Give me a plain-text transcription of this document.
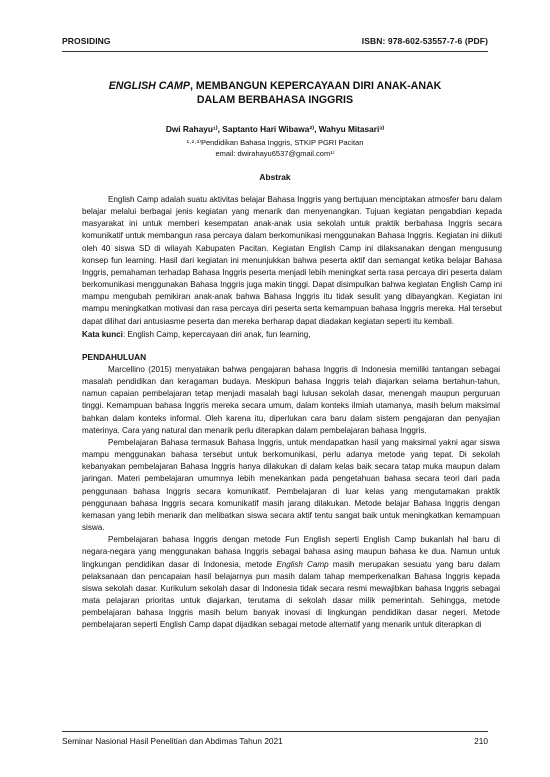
PROSIDING	ISBN: 978-602-53557-7-6 (PDF)
ENGLISH CAMP, MEMBANGUN KEPERCAYAAN DIRI ANAK-ANAK
DALAM BERBAHASA INGGRIS
Dwi Rahayu¹⁾, Saptanto Hari Wibawa²⁾, Wahyu Mitasari³⁾
¹·²·³⁾Pendidikan Bahasa Inggris, STKIP PGRI Pacitan
email: dwirahayu6537@gmail.com¹⁾
Abstrak
English Camp adalah suatu aktivitas belajar Bahasa Inggris yang bertujuan menciptakan atmosfer baru dalam belajar melalui berbagai jenis kegiatan yang menarik dan menyenangkan. Tujuan kegiatan pengabdian kepada masyarakat ini untuk memberi kesempatan anak-anak usia sekolah untuk praktik berbahasa Inggris secara komunikatif untuk membangun rasa percaya dalam berkomunikasi menggunakan Bahasa Inggris. Kegiatan ini diikuti oleh 40 siswa SD di wilayah Kabupaten Pacitan. Kegiatan English Camp ini dilaksanakan dengan mengusung konsep fun learning. Hasil dari kegiatan ini menunjukkan bahwa peserta aktif dan semangat ketika belajar Bahasa Inggris, pemahaman terhadap Bahasa Inggris peserta menjadi lebih meningkat serta rasa percaya diri peserta dalam berkomunikasi menggunakan Bahasa Inggris juga makin tinggi. Dapat disimpulkan bahwa kegiatan English Camp ini mampu mengubah pemikiran anak-anak bahwa Bahasa Inggris itu tidak sesulit yang dibayangkan. Kegiatan ini mampu meningkatkan motivasi dan rasa percaya diri peserta serta kemampuan bahasa Inggris mereka. Hal tersebut dapat dilihat dari antusiasme peserta dan mereka berharap dapat diadakan kegiatan seperti itu kembali.
Kata kunci: English Camp, kepercayaan diri anak, fun learning,
PENDAHULUAN

Marcellino (2015) menyatakan bahwa pengajaran bahasa Inggris di Indonesia memiliki tantangan sebagai masalah pendidikan dan keragaman budaya. Meskipun bahasa Inggris telah diajarkan selama bertahun-tahun, namun capaian pembelajaran tetap menjadi masalah bagi lulusan sekolah dasar, menengah maupun perguruan tinggi. Kemampuan bahasa Inggris mereka secara umum, dalam konteks ilmiah utamanya, masih belum maksimal bahkan dalam konteks informal. Oleh karena itu, diperlukan cara baru dalam sistem pengajaran dan penyajian materinya. Cara yang natural dan menarik perlu diterapkan dalam pembelajaran bahasa Inggris.

Pembelajaran Bahasa termasuk Bahasa Inggris, untuk mendapatkan hasil yang maksimal yakni agar siswa mampu menggunakan bahasa tersebut untuk berkomunikasi, perlu adanya metode yang tepat. Di sekolah kebanyakan pembelajaran Bahasa Inggris hanya dilakukan di dalam kelas baik secara tatap muka maupun dalam jaringan. Materi pembelajaran umumnya lebih menekankan pada pengetahuan bahasa secara teori dari pada penggunaan bahasa Inggris secara komunikatif. Pembelajaran di luar kelas yang mengutamakan praktik penggunaan bahasa Inggris secara komunikatif masih jarang dilakukan. Metode belajar Bahasa Inggris dengan kemasan yang lebih menarik dan melibatkan siswa secara aktif tentu sangat baik untuk meningkatkan kemampuan siswa.

Pembelajaran bahasa Inggris dengan metode Fun English seperti English Camp bukanlah hal baru di negara-negara yang menggunakan bahasa Inggris sebagai bahasa asing maupun bahasa ke dua. Namun untuk lingkungan pendidikan dasar di Indonesia, metode English Camp masih merupakan sesuatu yang baru dalam pelaksanaan dan pencapaian hasil belajarnya pun masih dalam tahap memperkenalkan Bahasa Inggris kepada siswa sekolah dasar. Kurikulum sekolah dasar di Indonesia tidak secara resmi mewajibkan bahasa Inggris sebagai mata pelajaran prioritas untuk diajarkan, terutama di sekolah dasar milik pemerintah. Sehingga, metode pembelajaran bahasa Inggris masih belum banyak inovasi di lingkungan pendidikan dasar negeri. Metode pembelajaran seperti English Camp dapat dijadikan sebagai metode alternatif yang menarik untuk diterapkan di

Seminar Nasional Hasil Penelitian dan Abdimas Tahun 2021	210
